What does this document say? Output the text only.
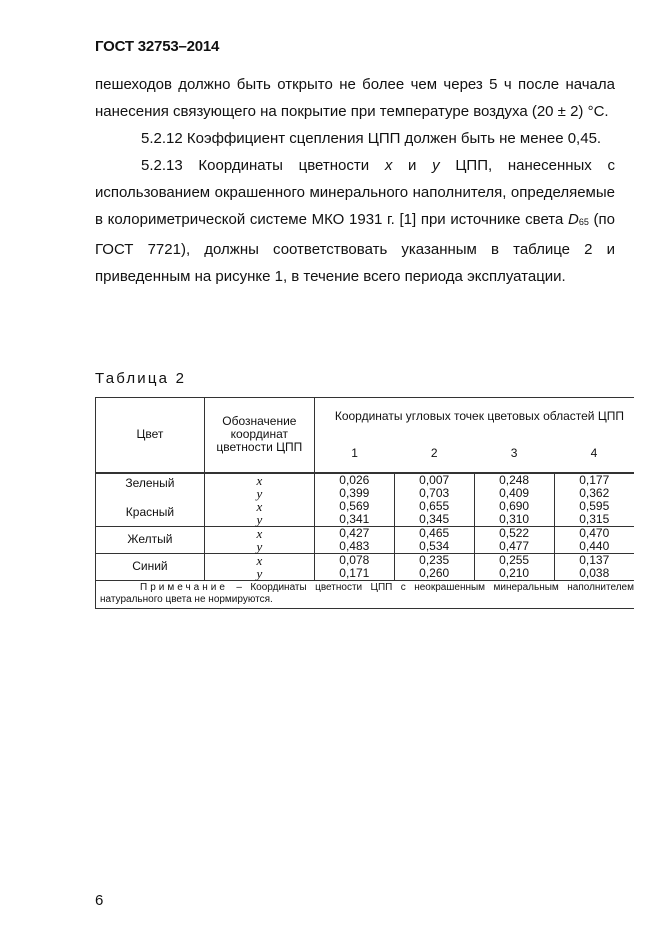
ГОСТ 32753–2014

пешеходов должно быть открыто не более чем через 5 ч после начала нанесения связующего на покрытие при температуре воздуха (20 ± 2) °С.

5.2.12 Коэффициент сцепления ЦПП должен быть не менее 0,45.

5.2.13 Координаты цветности x и y ЦПП, нанесенных с использованием окрашенного минерального наполнителя, определяемые в колориметрической системе МКО 1931 г. [1] при источнике света D65 (по ГОСТ 7721), должны соответствовать указанным в таблице 2 и приведенным на рисунке 1, в течение всего периода эксплуатации.

Таблица 2
Цвет	Обозначение координат цветности ЦПП	Координаты угловых точек цветовых областей ЦПП			
		1	2	3	4
Зеленый	x	0,026	0,007	0,248	0,177
	y	0,399	0,703	0,409	0,362
Красный	x	0,569	0,655	0,690	0,595
	y	0,341	0,345	0,310	0,315
Желтый	x	0,427	0,465	0,522	0,470
	y	0,483	0,534	0,477	0,440
Синий	x	0,078	0,235	0,255	0,137
	y	0,171	0,260	0,210	0,038
Примечание – Координаты цветности ЦПП с неокрашенным минеральным наполнителем натурального цвета не нормируются.					
6
